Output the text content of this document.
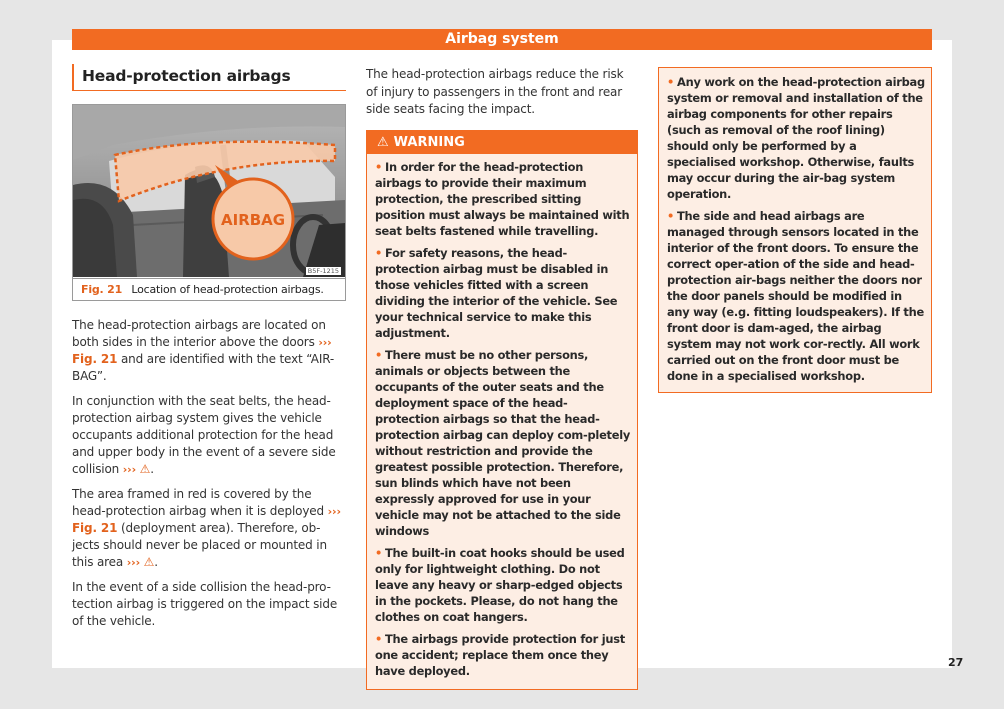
Airbag system
Head-protection airbags
AIRBAG
B5F-1215
Fig. 21 Location of head-protection airbags.

The head-protection airbags are located on both sides in the interior above the doors ››› Fig. 21 and are identified with the text “AIR-BAG”.

In conjunction with the seat belts, the head-protection airbag system gives the vehicle occupants additional protection for the head and upper body in the event of a severe side collision ››› ⚠.

The area framed in red is covered by the head-protection airbag when it is deployed ››› Fig. 21 (deployment area). Therefore, ob-jects should never be placed or mounted in this area ››› ⚠.

In the event of a side collision the head-pro-tection airbag is triggered on the impact side of the vehicle.

The head-protection airbags reduce the risk of injury to passengers in the front and rear side seats facing the impact.

⚠ WARNING

• In order for the head-protection airbags to provide their maximum protection, the prescribed sitting position must always be maintained with seat belts fastened while travelling.

• For safety reasons, the head-protection airbag must be disabled in those vehicles fitted with a screen dividing the interior of the vehicle. See your technical service to make this adjustment.

• There must be no other persons, animals or objects between the occupants of the outer seats and the deployment space of the head-protection airbags so that the head-protection airbag can deploy com-pletely without restriction and provide the greatest possible protection. Therefore, sun blinds which have not been expressly approved for use in your vehicle may not be attached to the side windows

• The built-in coat hooks should be used only for lightweight clothing. Do not leave any heavy or sharp-edged objects in the pockets. Please, do not hang the clothes on coat hangers.

• The airbags provide protection for just one accident; replace them once they have deployed.

• Any work on the head-protection airbag system or removal and installation of the airbag components for other repairs (such as removal of the roof lining) should only be performed by a specialised workshop. Otherwise, faults may occur during the air-bag system operation.

• The side and head airbags are managed through sensors located in the interior of the front doors. To ensure the correct oper-ation of the side and head-protection air-bags neither the doors nor the door panels should be modified in any way (e.g. fitting loudspeakers). If the front door is dam-aged, the airbag system may not work cor-rectly. All work carried out on the front door must be done in a specialised workshop.

27
